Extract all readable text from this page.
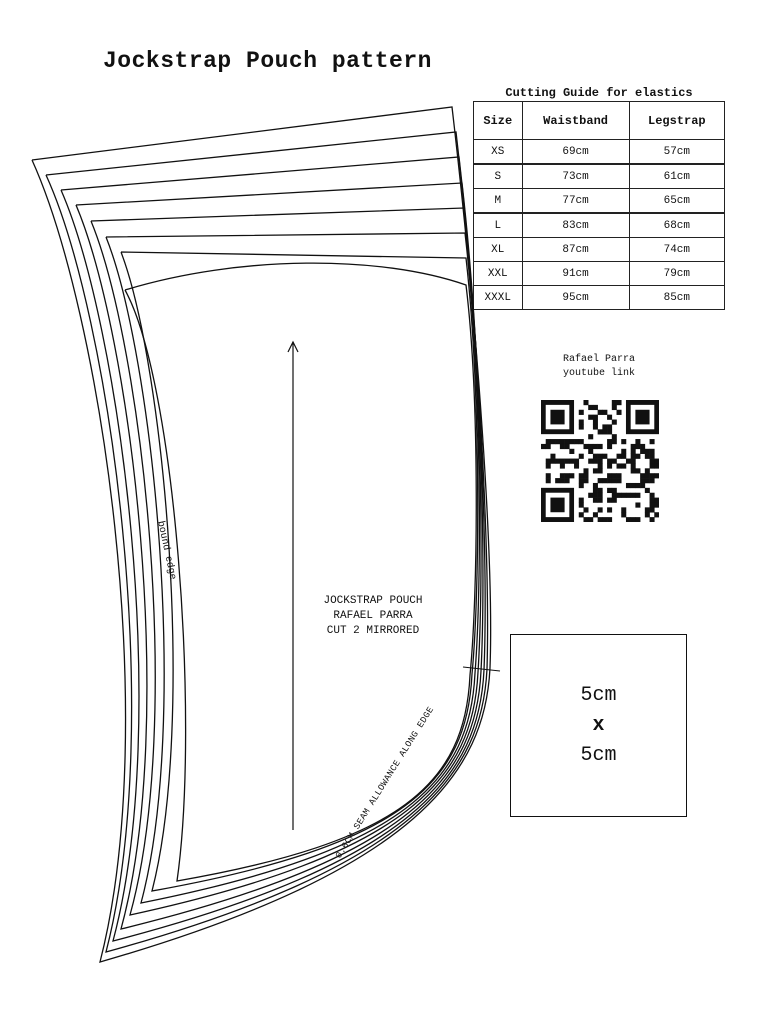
Jockstrap Pouch pattern
Cutting Guide for elastics
Size	Waistband	Legstrap
XS	69cm	57cm
S	73cm	61cm
M	77cm	65cm
L	83cm	68cm
XL	87cm	74cm
XXL	91cm	79cm
XXXL	95cm	85cm
Rafael Parra
youtube link
JOCKSTRAP POUCH
RAFAEL PARRA
CUT 2 MIRRORED
bound edge
0.6CM SEAM ALLOWANCE ALONG EDGE
5cm
x
5cm
